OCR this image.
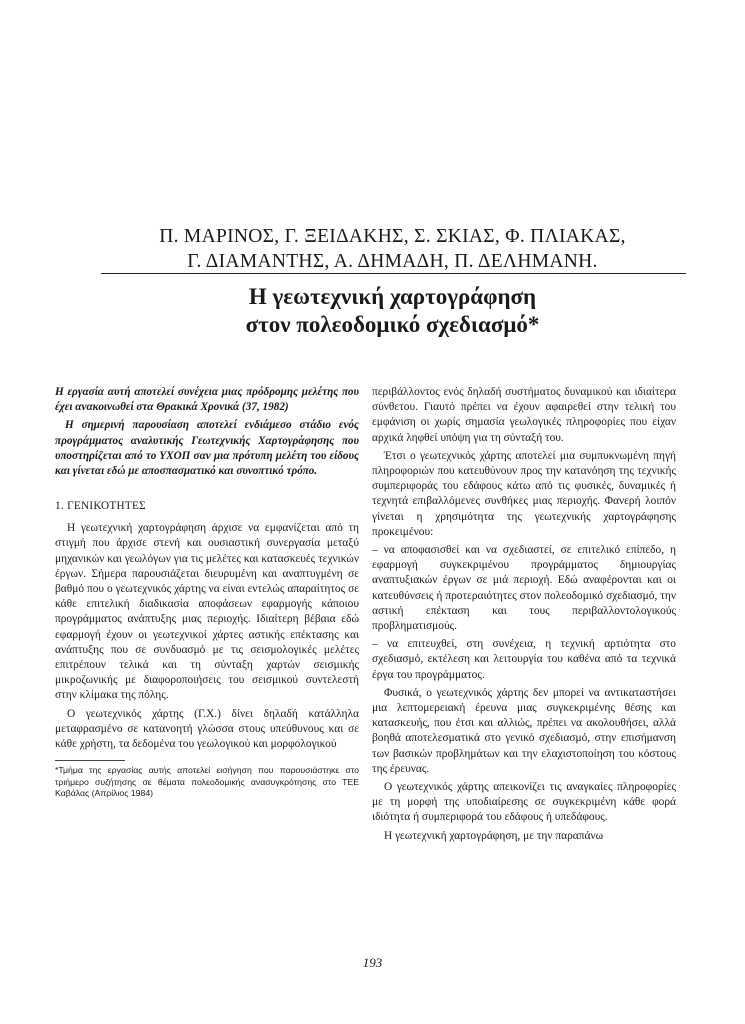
Π. ΜΑΡΙΝΟΣ, Γ. ΞΕΙΔΑΚΗΣ, Σ. ΣΚΙΑΣ, Φ. ΠΛΙΑΚΑΣ,
Γ. ΔΙΑΜΑΝΤΗΣ, Α. ΔΗΜΑΔΗ, Π. ΔΕΛΗΜΑΝΗ.
Η γεωτεχνική χαρτογράφηση
στον πολεοδομικό σχεδιασμό*

Η εργασία αυτή αποτελεί συνέχεια μιας πρόδρομης μελέτης που έχει ανακοινωθεί στα Θρακικά Χρονικά (37, 1982)

Η σημερινή παρουσίαση αποτελεί ενδιάμεσο στάδιο ενός προγράμματος αναλυτικής Γεωτεχνικής Χαρτογράφησης που υποστηρίζεται από το ΥΧΟΠ σαν μια πρότυπη μελέτη του είδους και γίνεται εδώ με αποσπασματικό και συνοπτικό τρόπο.

1. ΓΕΝΙΚΟΤΗΤΕΣ

Η γεωτεχνική χαρτογράφηση άρχισε να εμφανίζεται από τη στιγμή που άρχισε στενή και ουσιαστική συνεργασία μεταξύ μηχανικών και γεωλόγων για τις μελέτες και κατασκευές τεχνικών έργων. Σήμερα παρουσιάζεται διευρυμένη και αναπτυγμένη σε βαθμό που ο γεωτεχνικός χάρτης να είναι εντελώς απαραίτητος σε κάθε επιτελική διαδικασία αποφάσεων εφαρμογής κάποιου προγράμματος ανάπτυξης μιας περιοχής. Ιδιαίτερη βέβαια εδώ εφαρμογή έχουν οι γεωτεχνικοί χάρτες αστικής επέκτασης και ανάπτυξης που σε συνδυασμό με τις σεισμολογικές μελέτες επιτρέπουν τελικά και τη σύνταξη χαρτών σεισμικής μικροζωνικής με διαφοροποιήσεις του σεισμικού συντελεστή στην κλίμακα της πόλης.

Ο γεωτεχνικός χάρτης (Γ.Χ.) δίνει δηλαδή κατάλληλα μεταφρασμένο σε κατανοητή γλώσσα στους υπεύθυνους και σε κάθε χρήστη, τα δεδομένα του γεωλογικού και μορφολογικού

*Τμήμα της εργασίας αυτής αποτελεί εισήγηση που παρουσιάστηκε στο τριήμερο συζήτησης σε θέματα πολεοδομικής ανασυγκρότησης στο ΤΕΕ Καβάλας (Απρίλιος 1984)

περιβάλλοντος ενός δηλαδή συστήματος δυναμικού και ιδιαίτερα σύνθετου. Γιαυτό πρέπει να έχουν αφαιρεθεί στην τελική του εμφάνιση οι χωρίς σημασία γεωλογικές πληροφορίες που είχαν αρχικά ληφθεί υπόψη για τη σύνταξή του.

Έτσι ο γεωτεχνικός χάρτης αποτελεί μια συμπυκνωμένη πηγή πληροφοριών που κατευθύνουν προς την κατανόηση της τεχνικής συμπεριφοράς του εδάφους κάτω από τις φυσικές, δυναμικές ή τεχνητά επιβαλλόμενες συνθήκες μιας περιοχής. Φανερή λοιπόν γίνεται η χρησιμότητα της γεωτεχνικής χαρτογράφησης προκειμένου:

– να αποφασισθεί και να σχεδιαστεί, σε επιτελικό επίπεδο, η εφαρμογή συγκεκριμένου προγράμματος δημιουργίας αναπτυξιακών έργων σε μιά περιοχή. Εδώ αναφέρονται και οι κατευθύνσεις ή προτεραιότητες στον πολεοδομικό σχεδιασμό, την αστική επέκταση και τους περιβαλλοντολογικούς προβληματισμούς.

– να επιτευχθεί, στη συνέχεια, η τεχνική αρτιότητα στο σχεδιασμό, εκτέλεση και λειτουργία του καθένα από τα τεχνικά έργα του προγράμματος.

Φυσικά, ο γεωτεχνικός χάρτης δεν μπορεί να αντικαταστήσει μια λεπτομερειακή έρευνα μιας συγκεκριμένης θέσης και κατασκευής, που έτσι και αλλιώς, πρέπει να ακολουθήσει, αλλά βοηθά αποτελεσματικά στο γενικό σχεδιασμό, στην επισήμανση των βασικών προβλημάτων και την ελαχιστοποίηση του κόστους της έρευνας.

Ο γεωτεχνικός χάρτης απεικονίζει τις αναγκαίες πληροφορίες με τη μορφή της υποδιαίρεσης σε συγκεκριμένη κάθε φορά ιδιότητα ή συμπεριφορά του εδάφους ή υπεδάφους.

Η γεωτεχνική χαρτογράφηση, με την παραπάνω

193
